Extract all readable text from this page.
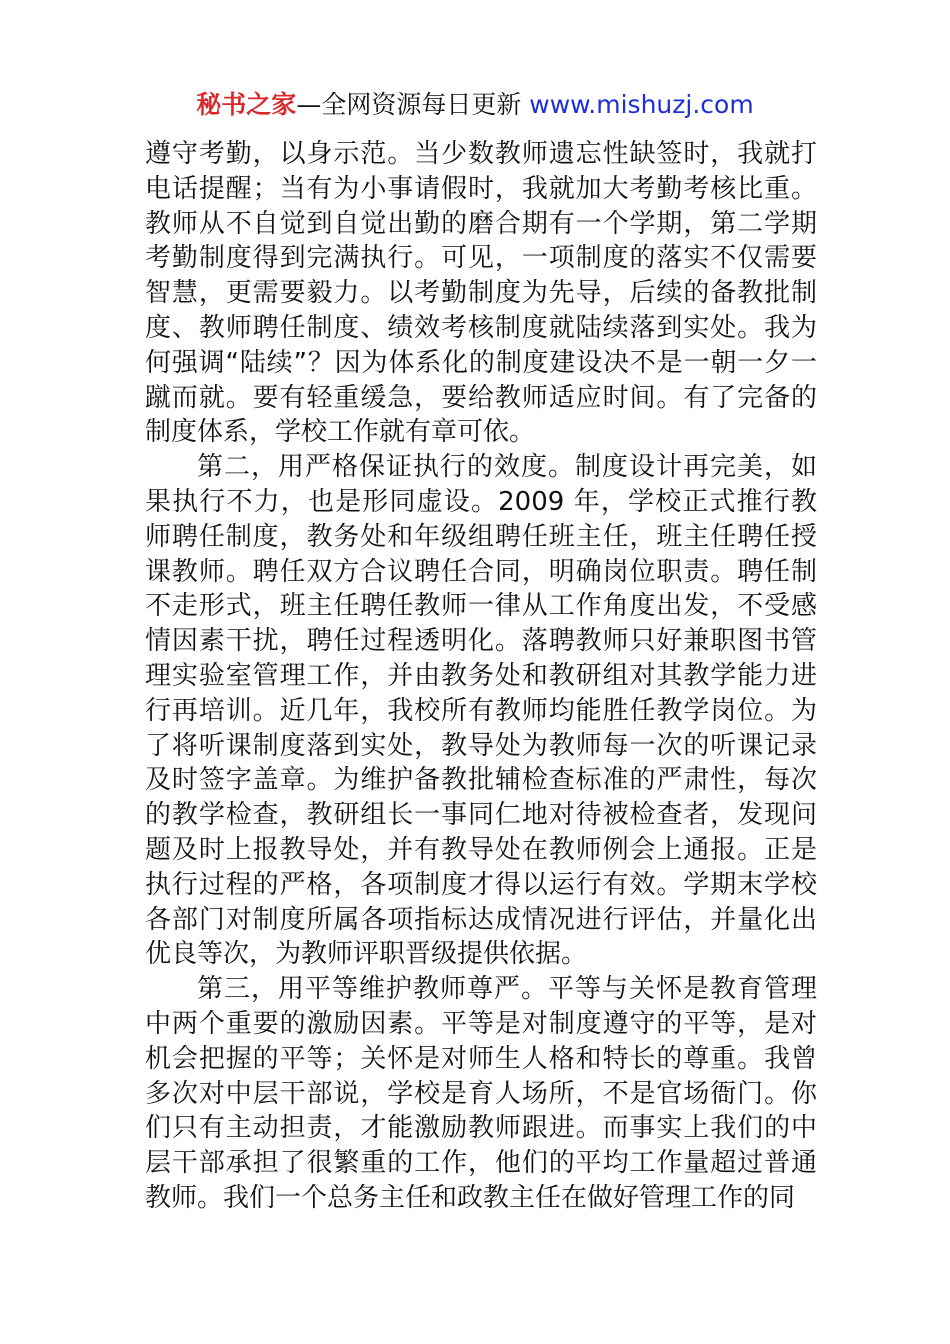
秘书之家—全网资源每日更新 www.mishuzj.com

遵守考勤，以身示范。当少数教师遗忘性缺签时，我就打电话提醒；当有为小事请假时，我就加大考勤考核比重。教师从不自觉到自觉出勤的磨合期有一个学期，第二学期考勤制度得到完满执行。可见，一项制度的落实不仅需要智慧，更需要毅力。以考勤制度为先导，后续的备教批制度、教师聘任制度、绩效考核制度就陆续落到实处。我为何强调“陆续”？因为体系化的制度建设决不是一朝一夕一蹴而就。要有轻重缓急，要给教师适应时间。有了完备的制度体系，学校工作就有章可依。

第二，用严格保证执行的效度。制度设计再完美，如果执行不力，也是形同虚设。2009 年，学校正式推行教师聘任制度，教务处和年级组聘任班主任，班主任聘任授课教师。聘任双方合议聘任合同，明确岗位职责。聘任制不走形式，班主任聘任教师一律从工作角度出发，不受感情因素干扰，聘任过程透明化。落聘教师只好兼职图书管理实验室管理工作，并由教务处和教研组对其教学能力进行再培训。近几年，我校所有教师均能胜任教学岗位。为了将听课制度落到实处，教导处为教师每一次的听课记录及时签字盖章。为维护备教批辅检查标准的严肃性，每次的教学检查，教研组长一事同仁地对待被检查者，发现问题及时上报教导处，并有教导处在教师例会上通报。正是执行过程的严格，各项制度才得以运行有效。学期末学校各部门对制度所属各项指标达成情况进行评估，并量化出优良等次，为教师评职晋级提供依据。

第三，用平等维护教师尊严。平等与关怀是教育管理中两个重要的激励因素。平等是对制度遵守的平等，是对机会把握的平等；关怀是对师生人格和特长的尊重。我曾多次对中层干部说，学校是育人场所，不是官场衙门。你们只有主动担责，才能激励教师跟进。而事实上我们的中层干部承担了很繁重的工作，他们的平均工作量超过普通教师。我们一个总务主任和政教主任在做好管理工作的同
